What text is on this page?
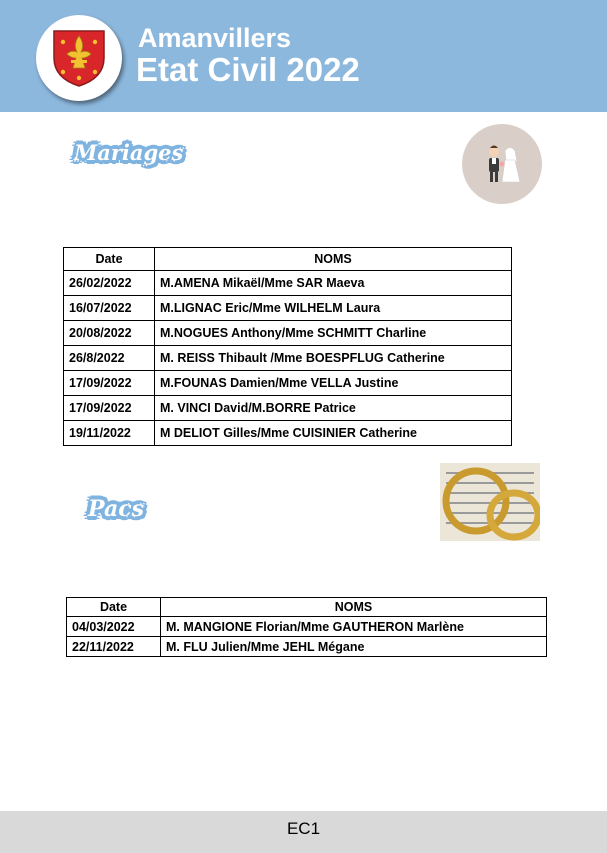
Amanvillers
Etat Civil 2022
Mariages
Date	NOMS
26/02/2022	M.AMENA Mikaël/Mme SAR Maeva
16/07/2022	M.LIGNAC Eric/Mme WILHELM Laura
20/08/2022	M.NOGUES Anthony/Mme SCHMITT Charline
26/8/2022	M. REISS Thibault /Mme BOESPFLUG Catherine
17/09/2022	M.FOUNAS Damien/Mme VELLA Justine
17/09/2022	M. VINCI David/M.BORRE Patrice
19/11/2022	M DELIOT Gilles/Mme CUISINIER Catherine
Pacs
Date	NOMS
04/03/2022	M. MANGIONE Florian/Mme GAUTHERON Marlène
22/11/2022	M. FLU Julien/Mme JEHL Mégane
EC1
